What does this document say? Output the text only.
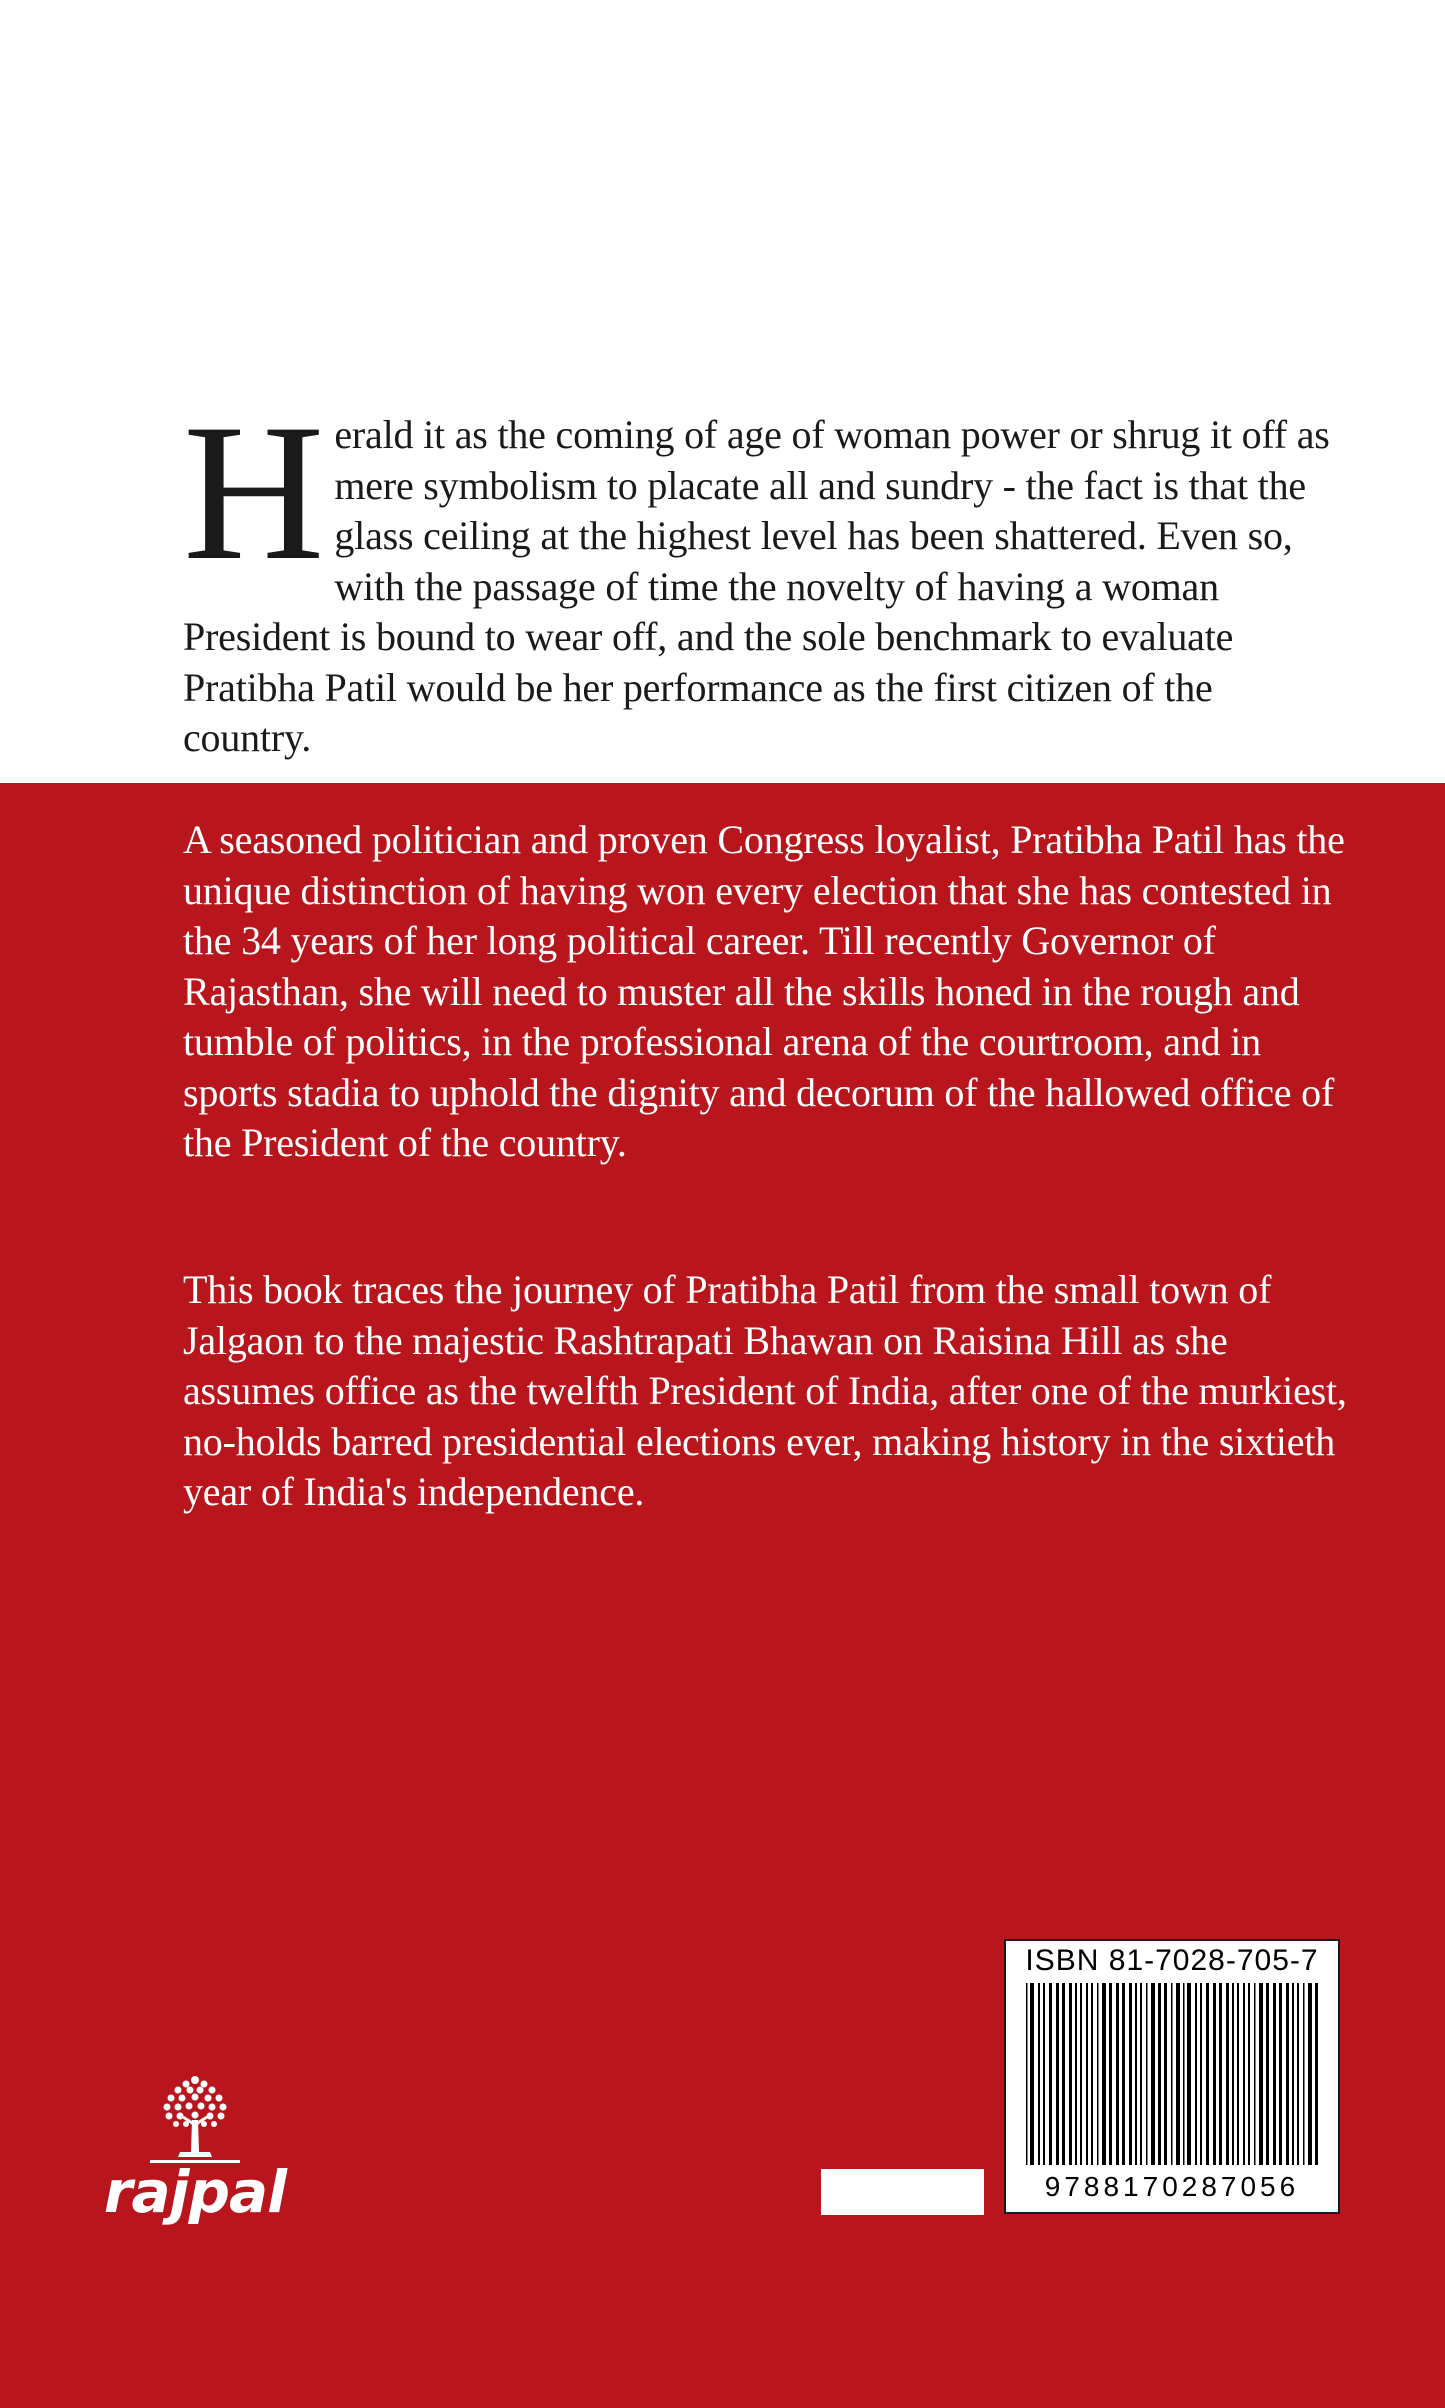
Herald it as the coming of age of woman power or shrug it off as mere symbolism to placate all and sundry - the fact is that the glass ceiling at the highest level has been shattered. Even so, with the passage of time the novelty of having a woman President is bound to wear off, and the sole benchmark to evaluate Pratibha Patil would be her performance as the first citizen of the country.

A seasoned politician and proven Congress loyalist, Pratibha Patil has the unique distinction of having won every election that she has contested in the 34 years of her long political career. Till recently Governor of Rajasthan, she will need to muster all the skills honed in the rough and tumble of politics, in the professional arena of the courtroom, and in sports stadia to uphold the dignity and decorum of the hallowed office of the President of the country.

This book traces the journey of Pratibha Patil from the small town of Jalgaon to the majestic Rashtrapati Bhawan on Raisina Hill as she assumes office as the twelfth President of India, after one of the murkiest, no-holds barred presidential elections ever, making history in the sixtieth year of India's independence.

rajpal
ISBN 81-7028-705-7
9788170287056
